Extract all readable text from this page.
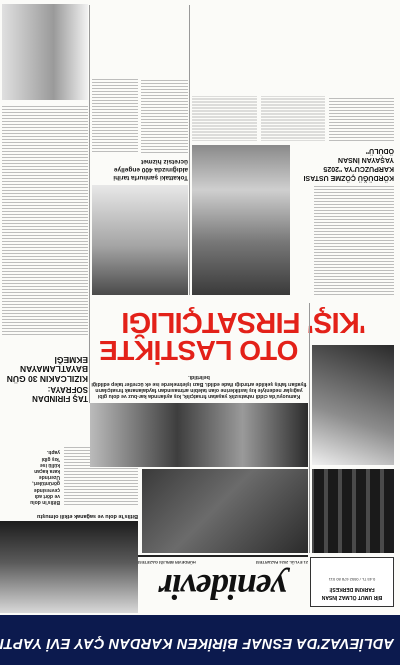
ADLİEVAZ'DA ESNAF BİRİKEN KARDAN ÇAY EVİ YAPTI
Bitlis'te dolu ve sağanak etkili olmuştu
Bitlis'in dolu
ve dört adı
çevresinde
görüntüleri,
Üzerinde
kara kaçan
küllü ise
'kış gibi
yaptı.
yenidevir
21 EYLÜL 2024 PAZARTESİ
HÜRDEVİR BİRLİĞİ GAZETESİ
BİR UMUT ÖLMAZ İNSAN
FARKINI DERKESİ!
0.45 TL / 0552 678 80 011
TAŞ FIRINDAN SOFRAYA:
KIZILCAKIN 30 GÜN BAYATLAMAYAN EKMEĞİ
Kamuoyu'da ciddi rahatsızlık yaşatan fırsatçılık, kış ayılarında kar-buz ve dolu gibi yağışlar nedeniyle kış lastiklerine olan talebin artmasından faydalanarak fırsatçıların fiyatları fahiş şekilde artırdığı ifade edildi. Bazı işletmelerde ise ek ücretler talep edildiği belirtildi.
OTO LASTİKTE
'KIŞ' FIRSATÇILIĞI
KÖRDÜĞÜ ÇÖZME USTASI
KARPUZCU'YA "2025
YAŞAYAN İNSAN
ÖDÜLÜ"
Tokattaki şanlıurfa tarihi
aldığınızda 400 engellye
ücretsiz hizmet
